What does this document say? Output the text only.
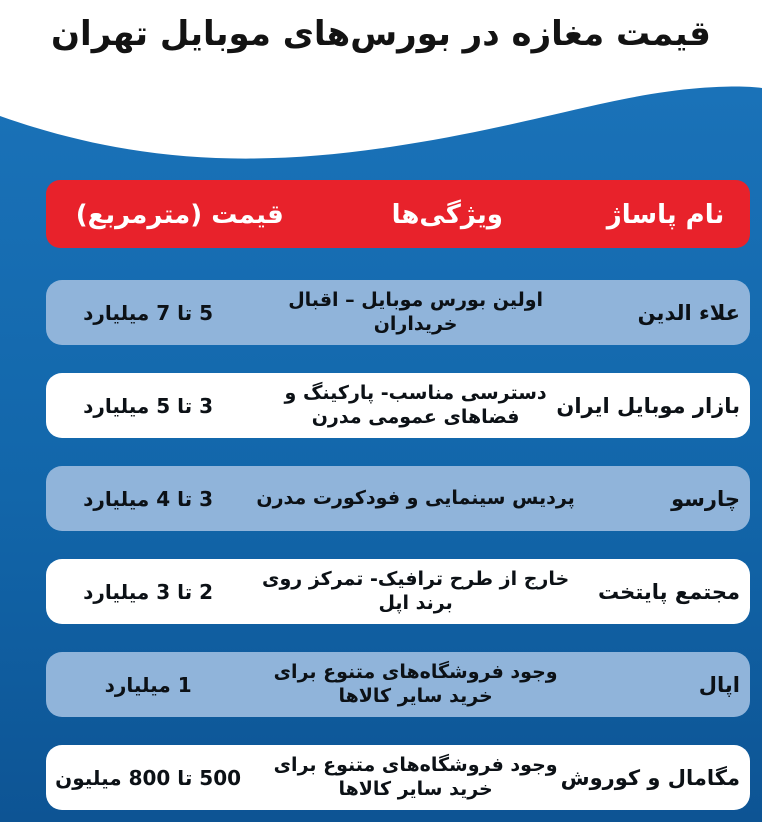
قیمت مغازه در بورس‌های موبایل تهران
نام پاساژ
ویژگی‌ها
قیمت (مترمربع)
علاء الدین
اولین بورس موبایل – اقبال خریداران
5 تا 7 میلیارد
بازار موبایل ایران
دسترسی مناسب- پارکینگ و فضاهای عمومی مدرن
3 تا 5 میلیارد
چارسو
پردیس سینمایی و فودکورت مدرن
3 تا 4 میلیارد
مجتمع پایتخت
خارج از طرح ترافیک- تمرکز روی برند اپل
2 تا 3 میلیارد
اپال
وجود فروشگاه‌های متنوع برای خرید سایر کالاها
1 میلیارد
مگامال و کوروش
وجود فروشگاه‌های متنوع برای خرید سایر کالاها
500 تا 800 میلیون
